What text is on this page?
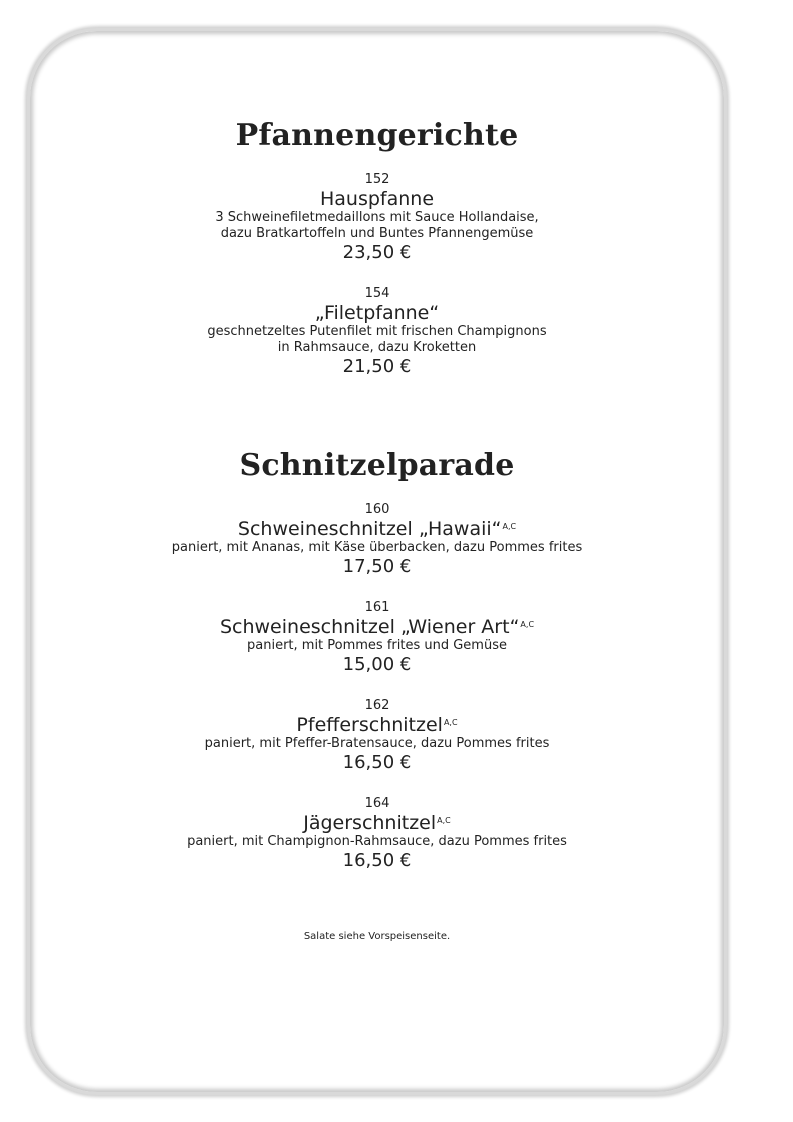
Pfannengerichte
152
Hauspfanne
3 Schweinefiletmedaillons mit Sauce Hollandaise,
dazu Bratkartoffeln und Buntes Pfannengemüse
23,50 €
154
„Filetpfanne“
geschnetzeltes Putenfilet mit frischen Champignons
in Rahmsauce, dazu Kroketten
21,50 €
Schnitzelparade
160
Schweineschnitzel „Hawaii“$^{A,C}$
paniert, mit Ananas, mit Käse überbacken, dazu Pommes frites
17,50 €
161
Schweineschnitzel „Wiener Art“$^{A,C}$
paniert, mit Pommes frites und Gemüse
15,00 €
162
Pfefferschnitzel$^{A,C}$
paniert, mit Pfeffer-Bratensauce, dazu Pommes frites
16,50 €
164
Jägerschnitzel$^{A,C}$
paniert, mit Champignon-Rahmsauce, dazu Pommes frites
16,50 €
Salate siehe Vorspeisenseite.
